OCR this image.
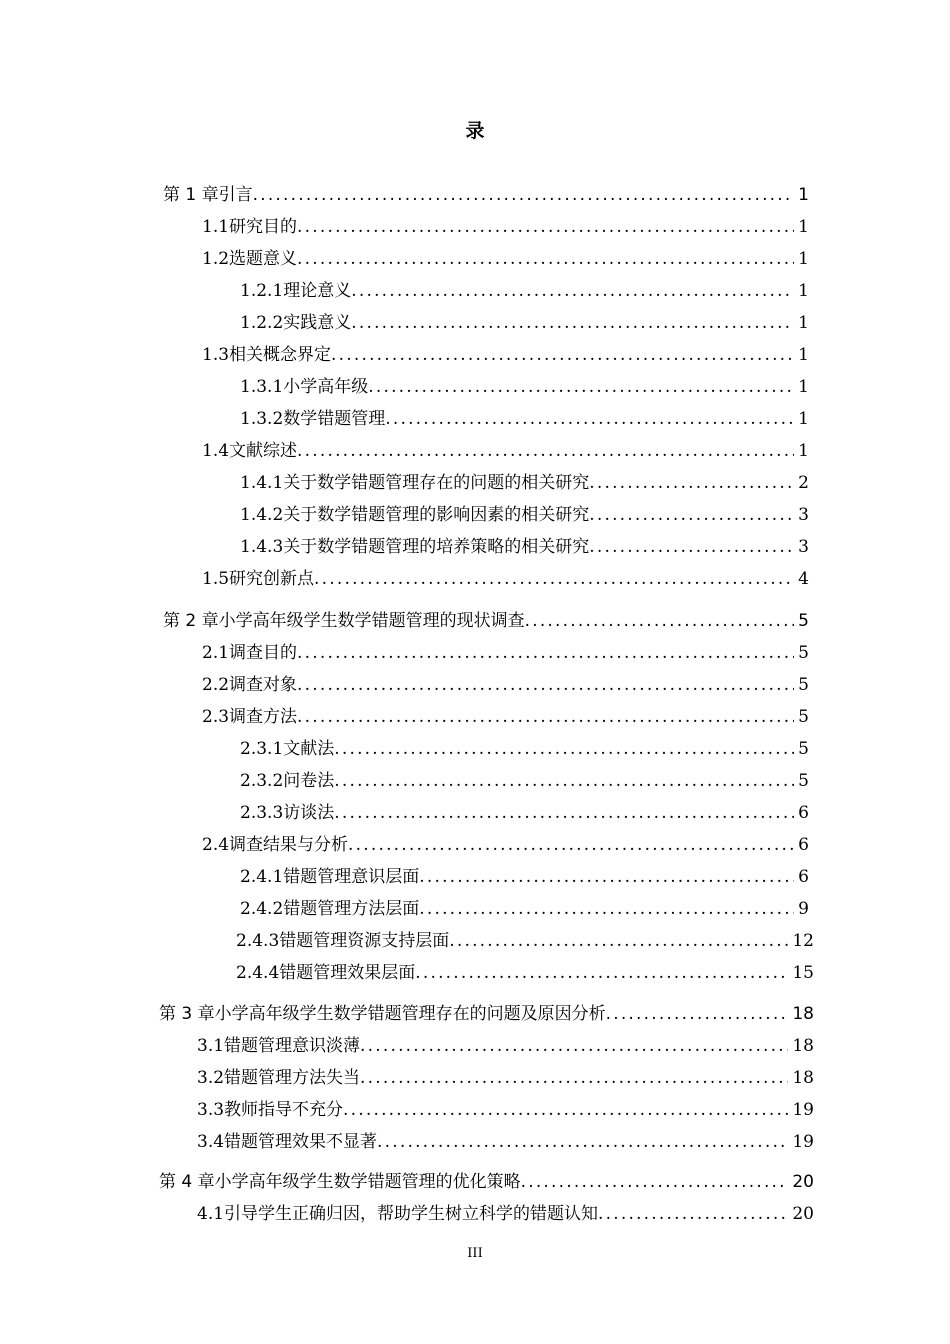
录
第 1 章 引言 .....	1
1.1 研究目的 .....	1
1.2 选题意义 .....	1
1.2.1 理论意义 .....	1
1.2.2 实践意义 .....	1
1.3 相关概念界定 .....	1
1.3.1 小学高年级 .....	1
1.3.2 数学错题管理 .....	1
1.4 文献综述 .....	1
1.4.1 关于数学错题管理存在的问题的相关研究 .....	2
1.4.2 关于数学错题管理的影响因素的相关研究 .....	3
1.4.3 关于数学错题管理的培养策略的相关研究 .....	3
1.5 研究创新点 .....	4
第 2 章 小学高年级学生数学错题管理的现状调查 .....	5
2.1 调查目的 .....	5
2.2 调查对象 .....	5
2.3 调查方法 .....	5
2.3.1 文献法 .....	5
2.3.2 问卷法 .....	5
2.3.3 访谈法 .....	6
2.4 调查结果与分析 .....	6
2.4.1 错题管理意识层面 .....	6
2.4.2 错题管理方法层面 .....	9
2.4.3 错题管理资源支持层面 .....	12
2.4.4 错题管理效果层面 .....	15
第 3 章 小学高年级学生数学错题管理存在的问题及原因分析 .....	18
3.1 错题管理意识淡薄 .....	18
3.2 错题管理方法失当 .....	18
3.3 教师指导不充分 .....	19
3.4 错题管理效果不显著 .....	19
第 4 章 小学高年级学生数学错题管理的优化策略 .....	20
4.1 引导学生正确归因，帮助学生树立科学的错题认知 .....	20
III
